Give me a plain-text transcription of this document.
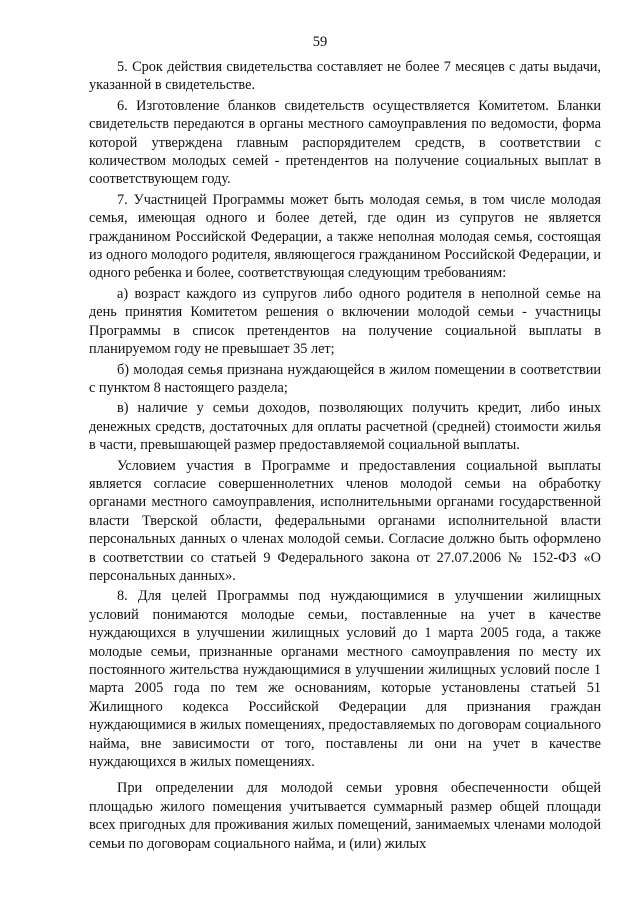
59

5. Срок действия свидетельства составляет не более 7 месяцев с даты выдачи, указанной в свидетельстве.

6. Изготовление бланков свидетельств осуществляется Комитетом. Бланки свидетельств передаются в органы местного самоуправления по ведомости, форма которой утверждена главным распорядителем средств, в соответствии с количеством молодых семей - претендентов на получение социальных выплат в соответствующем году.

7. Участницей Программы может быть молодая семья, в том числе молодая семья, имеющая одного и более детей, где один из супругов не является гражданином Российской Федерации, а также неполная молодая семья, состоящая из одного молодого родителя, являющегося гражданином Российской Федерации, и одного ребенка и более, соответствующая следующим требованиям:

а) возраст каждого из супругов либо одного родителя в неполной семье на день принятия Комитетом решения о включении молодой семьи - участницы Программы в список претендентов на получение социальной выплаты в планируемом году не превышает 35 лет;

б) молодая семья признана нуждающейся в жилом помещении в соответствии с пунктом 8 настоящего раздела;

в) наличие у семьи доходов, позволяющих получить кредит, либо иных денежных средств, достаточных для оплаты расчетной (средней) стоимости жилья в части, превышающей размер предоставляемой социальной выплаты.

Условием участия в Программе и предоставления социальной выплаты является согласие совершеннолетних членов молодой семьи на обработку органами местного самоуправления, исполнительными органами государственной власти Тверской области, федеральными органами исполнительной власти персональных данных о членах молодой семьи. Согласие должно быть оформлено в соответствии со статьей 9 Федерального закона от 27.07.2006 № 152-ФЗ «О персональных данных».

8. Для целей Программы под нуждающимися в улучшении жилищных условий понимаются молодые семьи, поставленные на учет в качестве нуждающихся в улучшении жилищных условий до 1 марта 2005 года, а также молодые семьи, признанные органами местного самоуправления по месту их постоянного жительства нуждающимися в улучшении жилищных условий после 1 марта 2005 года по тем же основаниям, которые установлены статьей 51 Жилищного кодекса Российской Федерации для признания граждан нуждающимися в жилых помещениях, предоставляемых по договорам социального найма, вне зависимости от того, поставлены ли они на учет в качестве нуждающихся в жилых помещениях.

При определении для молодой семьи уровня обеспеченности общей площадью жилого помещения учитывается суммарный размер общей площади всех пригодных для проживания жилых помещений, занимаемых членами молодой семьи по договорам социального найма, и (или) жилых
